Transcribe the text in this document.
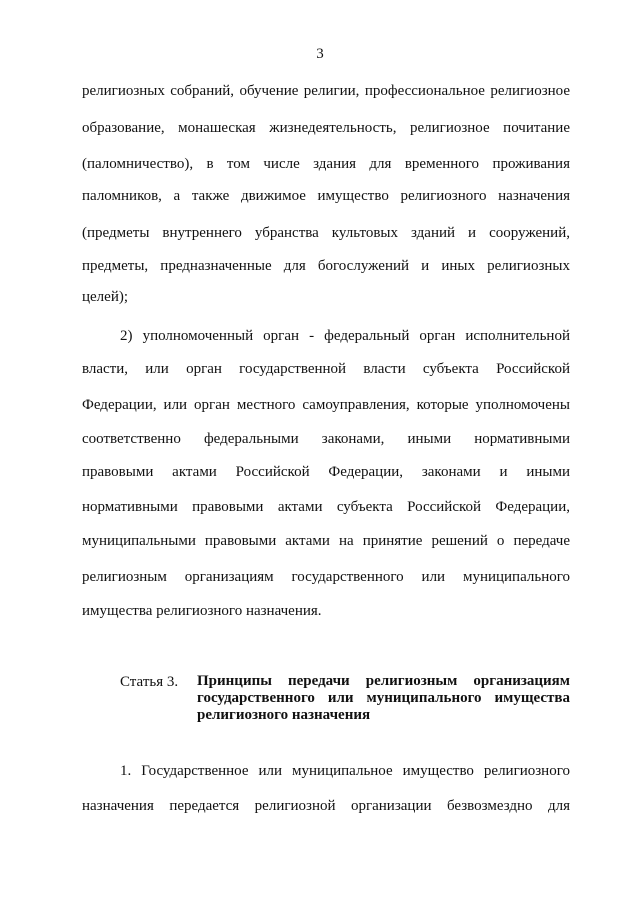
3
религиозных собраний, обучение религии, профессиональное религиозное
образование, монашеская жизнедеятельность, религиозное почитание
(паломничество), в том числе здания для временного проживания
паломников, а также движимое имущество религиозного назначения
(предметы внутреннего убранства культовых зданий и сооружений,
предметы, предназначенные для богослужений и иных религиозных
целей);
2) уполномоченный орган - федеральный орган исполнительной
власти, или орган государственной власти субъекта Российской
Федерации, или орган местного самоуправления, которые уполномочены
соответственно федеральными законами, иными нормативными
правовыми актами Российской Федерации, законами и иными
нормативными правовыми актами субъекта Российской Федерации,
муниципальными правовыми актами на принятие решений о передаче
религиозным организациям государственного или муниципального
имущества религиозного назначения.
Статья 3. Принципы передачи религиозным организациям
государственного или муниципального имущества
религиозного назначения
1. Государственное или муниципальное имущество религиозного
назначения передается религиозной организации безвозмездно для
